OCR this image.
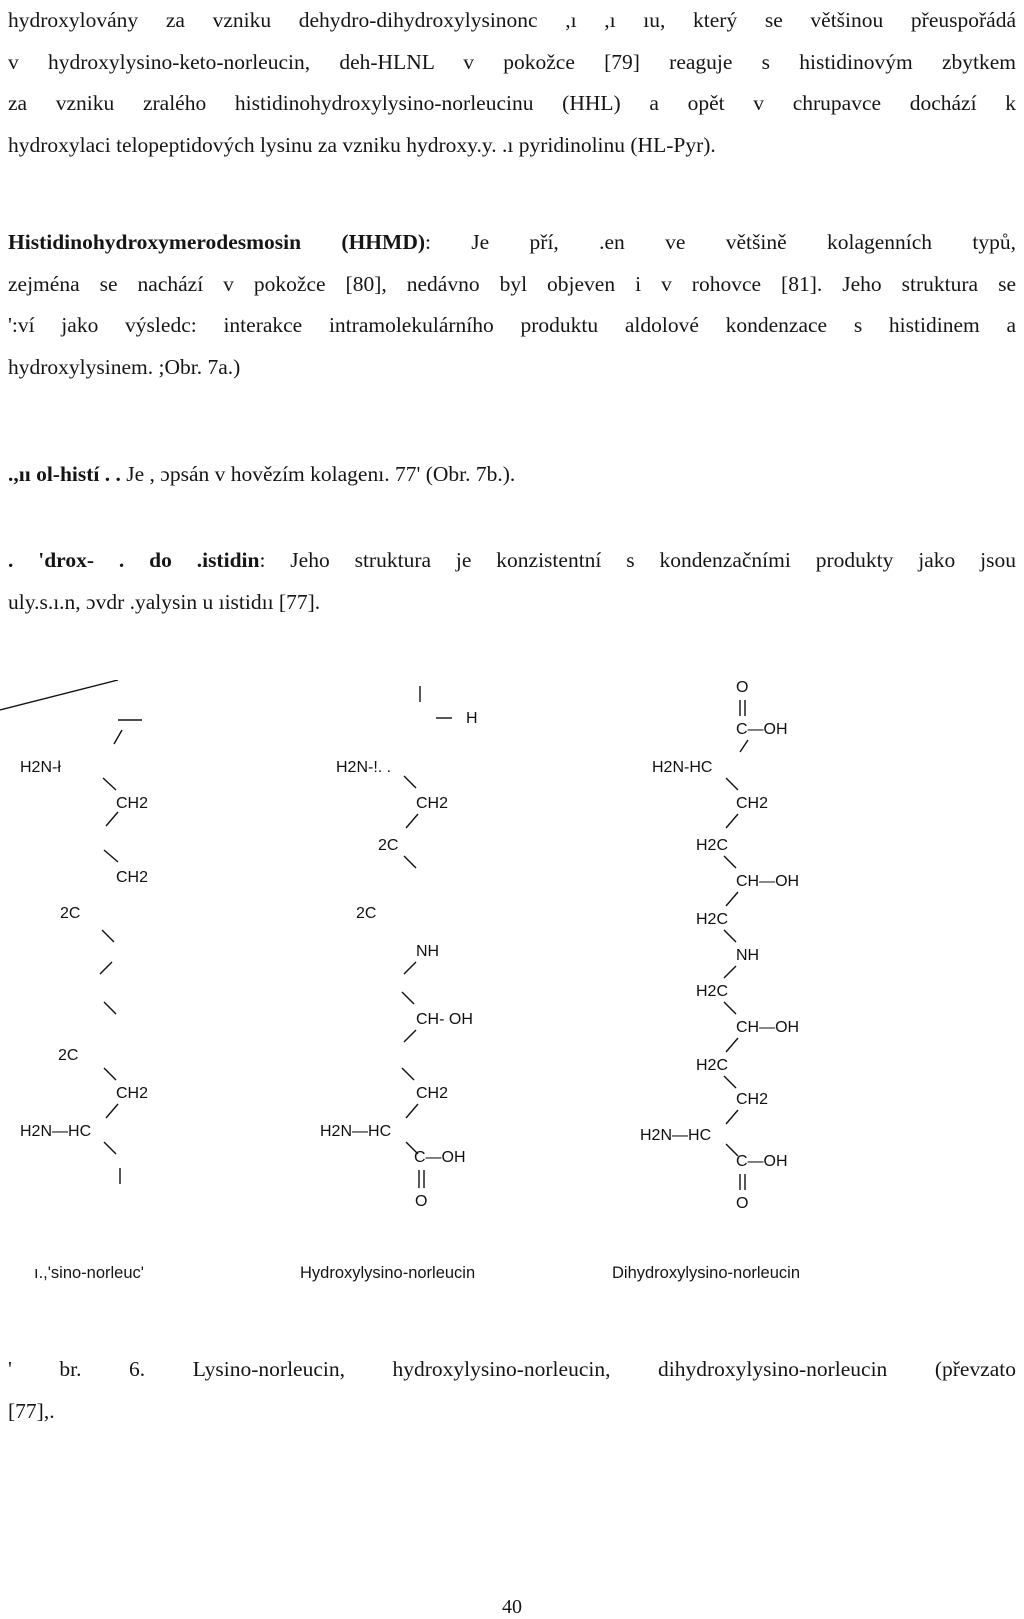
hydroxylovány za vzniku dehydro-dihydroxylysinonc ,ı ,ı ıu, který se většinou přeuspořádá
v hydroxylysino-keto-norleucin, deh-HLNL v pokožce [79] reaguje s histidinovým zbytkem
za vzniku zralého histidinohydroxylysino-norleucinu (HHL) a opět v chrupavce dochází k
hydroxylaci telopeptidových lysinu za vzniku hydroxy.y. .ı pyridinolinu (HL-Pyr).
Histidinohydroxymerodesmosin (HHMD): Je pří, .en ve většině kolagenních typů,
zejména se nachází v pokožce [80], nedávno byl objeven i v rohovce [81]. Jeho struktura se
':ví jako výsledc: interakce intramolekulárního produktu aldolové kondenzace s histidinem a
hydroxylysinem. ;Obr. 7a.)
.,ıı ol-histí . . Je , ɔpsán v hovězím kolagenı. 77' (Obr. 7b.).
. 'drox- . do .istidin: Jeho struktura je konzistentní s kondenzačními produkty jako jsou
uly.s.ı.n, ɔvdr .yalysin u ıistidıı [77].
H2N-ł
CH2
CH2
2C
2C
CH2
H2N—HC
H
H2N-!. .
CH2
2C
2C
NH
CH- OH
CH2
H2N—HC
C—OH
O
O
C—OH
H2N-HC
CH2
H2C
CH—OH
H2C
NH
H2C
CH—OH
H2C
CH2
H2N—HC
C—OH
O
ı.,'sino-norleuc'	Hydroxylysino-norleucin	Dihydroxylysino-norleucin
' br. 6. Lysino-norleucin, hydroxylysino-norleucin, dihydroxylysino-norleucin (převzato
[77],.
40
